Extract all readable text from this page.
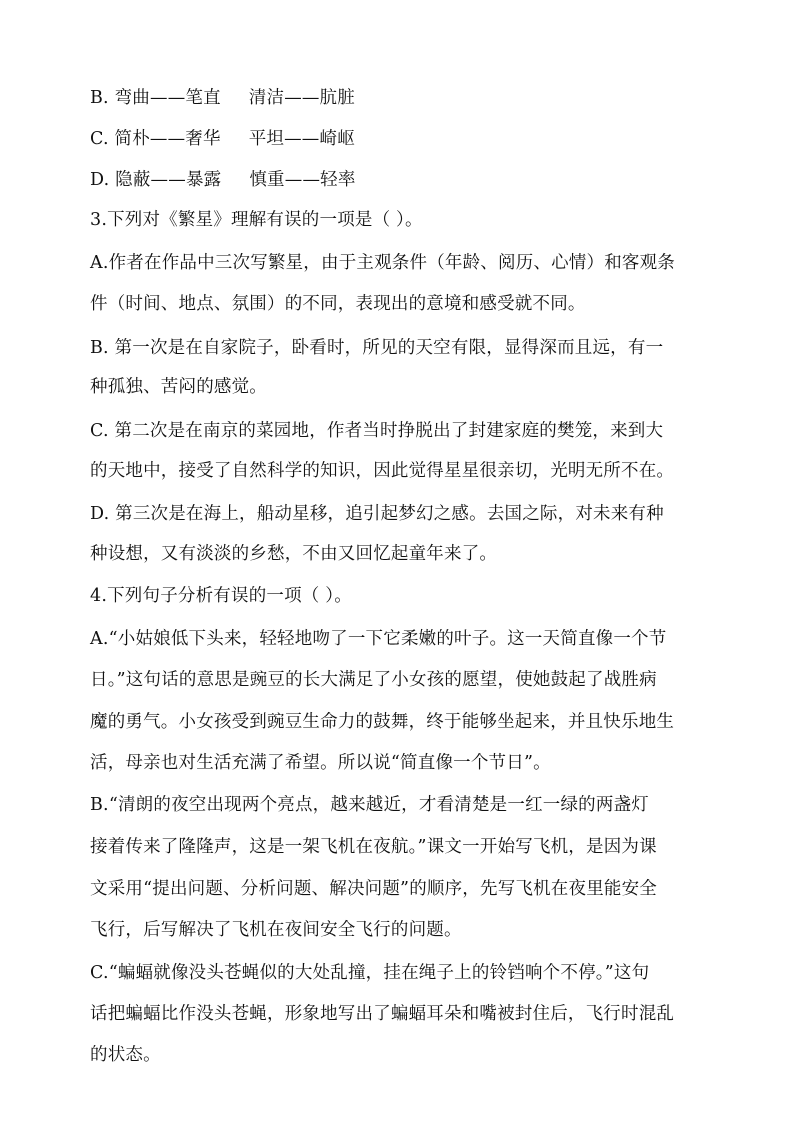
B. 弯曲——笔直 清洁——肮脏
C. 简朴——奢华 平坦——崎岖
D. 隐蔽——暴露 慎重——轻率
3.下列对《繁星》理解有误的一项是（ ）。
A.作者在作品中三次写繁星，由于主观条件（年龄、阅历、心情）和客观条
件（时间、地点、氛围）的不同，表现出的意境和感受就不同。
B. 第一次是在自家院子，卧看时，所见的天空有限，显得深而且远，有一
种孤独、苦闷的感觉。
C. 第二次是在南京的菜园地，作者当时挣脱出了封建家庭的樊笼，来到大
的天地中，接受了自然科学的知识，因此觉得星星很亲切，光明无所不在。
D. 第三次是在海上，船动星移，追引起梦幻之感。去国之际，对未来有种
种设想，又有淡淡的乡愁，不由又回忆起童年来了。
4.下列句子分析有误的一项（ ）。
A.“小姑娘低下头来，轻轻地吻了一下它柔嫩的叶子。这一天简直像一个节
日。”这句话的意思是豌豆的长大满足了小女孩的愿望，使她鼓起了战胜病
魔的勇气。小女孩受到豌豆生命力的鼓舞，终于能够坐起来，并且快乐地生
活，母亲也对生活充满了希望。所以说“简直像一个节日”。
B.“清朗的夜空出现两个亮点，越来越近，才看清楚是一红一绿的两盏灯
接着传来了隆隆声，这是一架飞机在夜航。”课文一开始写飞机，是因为课
文采用“提出问题、分析问题、解决问题”的顺序，先写飞机在夜里能安全
飞行，后写解决了飞机在夜间安全飞行的问题。
C.“蝙蝠就像没头苍蝇似的大处乱撞，挂在绳子上的铃铛响个不停。”这句
话把蝙蝠比作没头苍蝇，形象地写出了蝙蝠耳朵和嘴被封住后，飞行时混乱
的状态。
